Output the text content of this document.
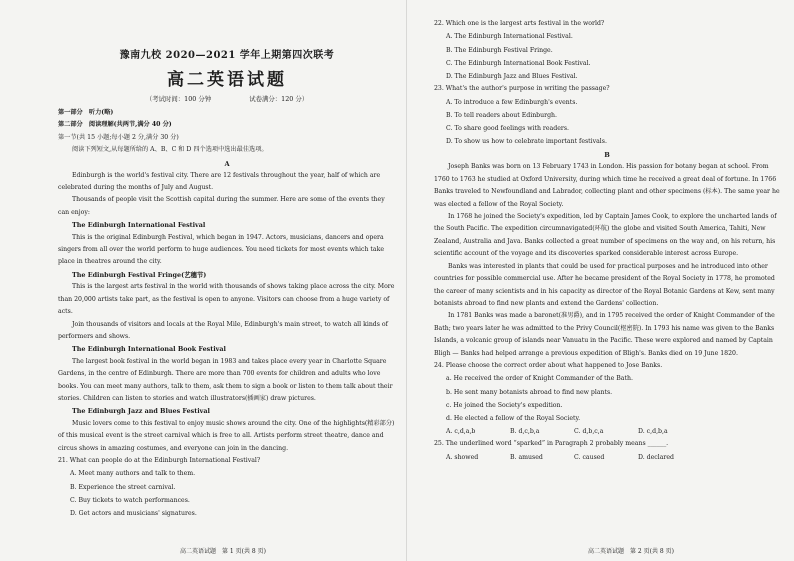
豫南九校 2020—2021 学年上期第四次联考

高二英语试题

（考试时间：100 分钟	试卷满分：120 分）

第一部分　听力(略)

第二部分　阅读理解(共两节,满分 40 分)

第一节(共 15 小题;每小题 2 分,满分 30 分)

阅读下列短文,从每题所给的 A、B、C 和 D 四个选项中选出最佳选项。

A

Edinburgh is the world's festival city. There are 12 festivals throughout the year, half of which are celebrated during the months of July and August.

Thousands of people visit the Scottish capital during the summer. Here are some of the events they can enjoy:

The Edinburgh International Festival

This is the original Edinburgh Festival, which began in 1947. Actors, musicians, dancers and opera singers from all over the world perform to huge audiences. You need tickets for most events which take place in theatres around the city.

The Edinburgh Festival Fringe(艺穗节)

This is the largest arts festival in the world with thousands of shows taking place across the city. More than 20,000 artists take part, as the festival is open to anyone. Visitors can choose from a huge variety of acts.

Join thousands of visitors and locals at the Royal Mile, Edinburgh's main street, to watch all kinds of performers and shows.

The Edinburgh International Book Festival

The largest book festival in the world began in 1983 and takes place every year in Charlotte Square Gardens, in the centre of Edinburgh. There are more than 700 events for children and adults who love books. You can meet many authors, talk to them, ask them to sign a book or listen to them talk about their stories. Children can listen to stories and watch illustrators(插画家) draw pictures.

The Edinburgh Jazz and Blues Festival

Music lovers come to this festival to enjoy music shows around the city. One of the highlights(精彩部分) of this musical event is the street carnival which is free to all. Artists perform street theatre, dance and circus shows in amazing costumes, and everyone can join in the dancing.

21. What can people do at the Edinburgh International Festival?

A. Meet many authors and talk to them.

B. Experience the street carnival.

C. Buy tickets to watch performances.

D. Get actors and musicians' signatures.

高二英语试题　第 1 页(共 8 页)

22. Which one is the largest arts festival in the world?

A. The Edinburgh International Festival.

B. The Edinburgh Festival Fringe.

C. The Edinburgh International Book Festival.

D. The Edinburgh Jazz and Blues Festival.

23. What's the author's purpose in writing the passage?

A. To introduce a few Edinburgh's events.

B. To tell readers about Edinburgh.

C. To share good feelings with readers.

D. To show us how to celebrate important festivals.

B

Joseph Banks was born on 13 February 1743 in London. His passion for botany began at school. From 1760 to 1763 he studied at Oxford University, during which time he received a great deal of fortune. In 1766 Banks traveled to Newfoundland and Labrador, collecting plant and other specimens (标本). The same year he was elected a fellow of the Royal Society.

In 1768 he joined the Society's expedition, led by Captain James Cook, to explore the uncharted lands of the South Pacific. The expedition circumnavigated(环航) the globe and visited South America, Tahiti, New Zealand, Australia and Java. Banks collected a great number of specimens on the way and, on his return, his scientific account of the voyage and its discoveries sparked considerable interest across Europe.

Banks was interested in plants that could be used for practical purposes and he introduced into other countries for possible commercial use. After he became president of the Royal Society in 1778, he promoted the career of many scientists and in his capacity as director of the Royal Botanic Gardens at Kew, sent many botanists abroad to find new plants and extend the Gardens' collection.

In 1781 Banks was made a baronet(准男爵), and in 1795 received the order of Knight Commander of the Bath; two years later he was admitted to the Privy Council(枢密院). In 1793 his name was given to the Banks Islands, a volcanic group of islands near Vanuatu in the Pacific. These were explored and named by Captain Bligh — Banks had helped arrange a previous expedition of Bligh's. Banks died on 19 June 1820.

24. Please choose the correct order about what happened to Jose Banks.

a. He received the order of Knight Commander of the Bath.

b. He sent many botanists abroad to find new plants.

c. He joined the Society's expedition.

d. He elected a fellow of the Royal Society.

A. c,d,a,b	B. d,c,b,a	C. d,b,c,a	D. c,d,b,a

25. The underlined word “sparked” in Paragraph 2 probably means ______.

A. showed	B. amused	C. caused	D. declared
高二英语试题　第 2 页(共 8 页)
